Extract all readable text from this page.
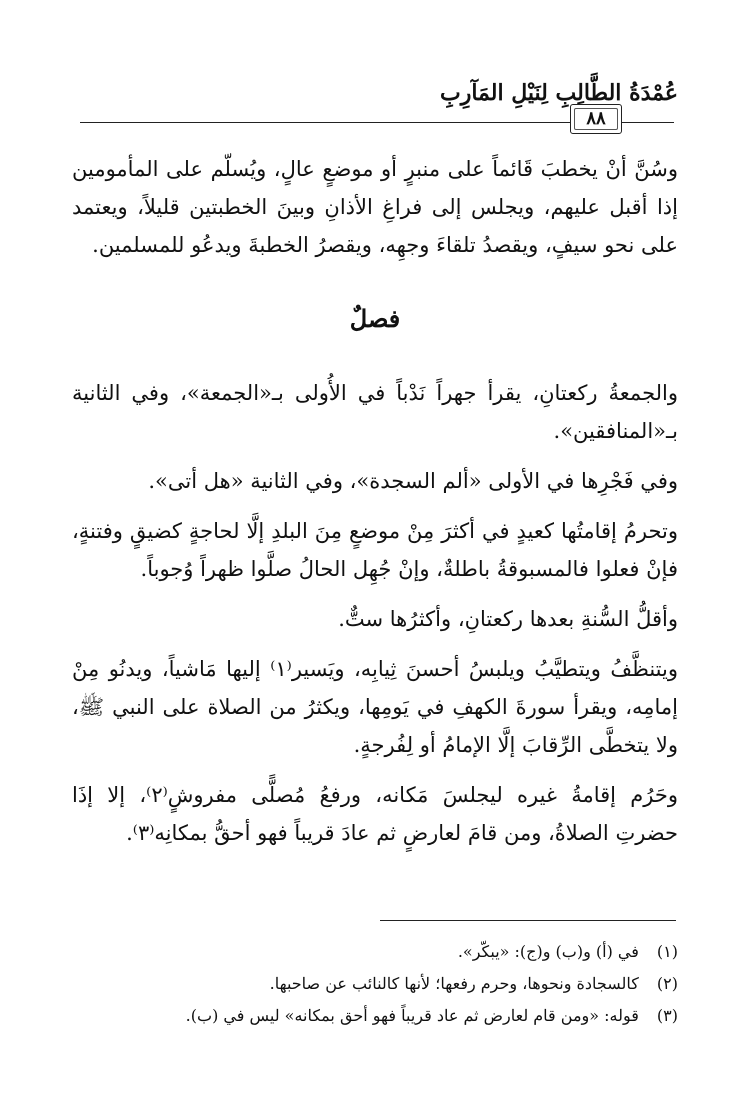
عُمْدَةُ الطَّالِبِ لِنَيْلِ المَآرِبِ
٨٨

وسُنَّ أنْ يخطبَ قَائماً على منبرٍ أو موضعٍ عالٍ، ويُسلّم على المأمومين إذا أقبل عليهم، ويجلس إلى فراغِ الأذانِ وبينَ الخطبتين قليلاً، ويعتمد على نحو سيفٍ، ويقصدُ تلقاءَ وجهِه، ويقصرُ الخطبةَ ويدعُو للمسلمين.

فصلٌ

والجمعةُ ركعتانِ، يقرأ جهراً نَدْباً في الأُولى بـ«الجمعة»، وفي الثانية بـ«المنافقين».

وفي فَجْرِها في الأولى «ألم السجدة»، وفي الثانية «هل أتى».

وتحرمُ إقامتُها كعيدٍ في أكثرَ مِنْ موضعٍ مِنَ البلدِ إلَّا لحاجةٍ كضيقٍ وفتنةٍ، فإنْ فعلوا فالمسبوقةُ باطلةٌ، وإنْ جُهِل الحالُ صلَّوا ظهراً وُجوباً.

وأقلُّ السُّنةِ بعدها ركعتانِ، وأكثرُها ستٌّ.

ويتنظَّفُ ويتطيَّبُ ويلبسُ أحسنَ ثِيابِه، ويَسير⁽١⁾ إليها مَاشياً، ويدنُو مِنْ إمامِه، ويقرأ سورةَ الكهفِ في يَومِها، ويكثرُ من الصلاة على النبي ﷺ، ولا يتخطَّى الرِّقابَ إلَّا الإمامُ أو لِفُرجةٍ.

وحَرُم إقامةُ غيره ليجلسَ مَكانه، ورفعُ مُصلًّى مفروشٍ⁽٢⁾، إلا إذَا حضرتِ الصلاةُ، ومن قامَ لعارضٍ ثم عادَ قريباً فهو أحقُّ بمكانِه⁽٣⁾.

(١) في (أ) و(ب) و(ج): «يبكّر».
(٢) كالسجادة ونحوها، وحرم رفعها؛ لأنها كالنائب عن صاحبها.
(٣) قوله: «ومن قام لعارض ثم عاد قريباً فهو أحق بمكانه» ليس في (ب).
